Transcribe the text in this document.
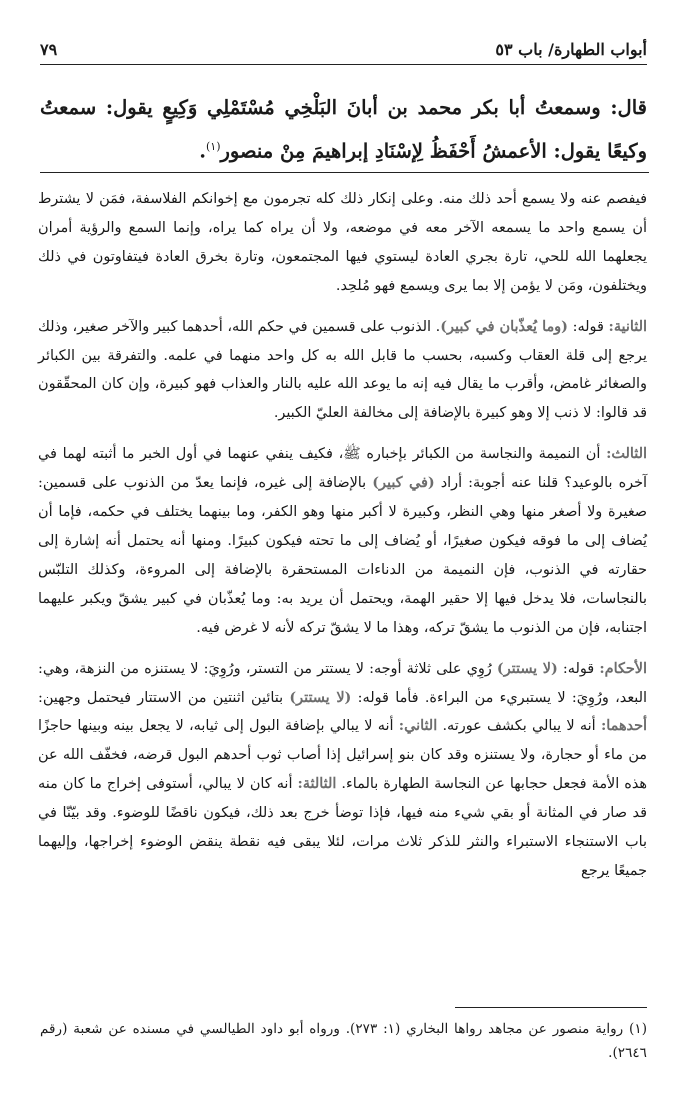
أبواب الطهارة/ باب ٥٣
٧٩
قال: وسمعتُ أبا بكر محمد بن أبانَ البَلْخِي مُسْتَمْلِي وَكِيعٍ يقول: سمعتُ وكيعًا يقول: الأعمشُ أَحْفَظُ لِإسْنَادِ إبراهيمَ مِنْ منصور$^{(١)}$.

فيفصم عنه ولا يسمع أحد ذلك منه. وعلى إنكار ذلك كله تجرمون مع إخوانكم الفلاسفة، فمَن لا يشترط أن يسمع واحد ما يسمعه الآخر معه في موضعه، ولا أن يراه كما يراه، وإنما السمع والرؤية أمران يجعلهما الله للحي، تارة بجري العادة ليستوي فيها المجتمعون، وتارة بخرق العادة فيتفاوتون في ذلك ويختلفون، ومَن لا يؤمن إلا بما يرى ويسمع فهو مُلحِد.

الثانية: قوله: (وما يُعذّبان في كبير). الذنوب على قسمين في حكم الله، أحدهما كبير والآخر صغير، وذلك يرجع إلى قلة العقاب وكسبه، بحسب ما قابل الله به كل واحد منهما في علمه. والتفرقة بين الكبائر والصغائر غامض، وأقرب ما يقال فيه إنه ما يوعد الله عليه بالنار والعذاب فهو كبيرة، وإن كان المحقّقون قد قالوا: لا ذنب إلا وهو كبيرة بالإضافة إلى مخالفة العليّ الكبير.

الثالث: أن النميمة والنجاسة من الكبائر بإخباره ﷺ، فكيف ينفي عنهما في أول الخبر ما أثبته لهما في آخره بالوعيد؟ قلنا عنه أجوبة: أراد (في كبير) بالإضافة إلى غيره، فإنما يعدّ من الذنوب على قسمين: صغيرة ولا أصغر منها وهي النظر، وكبيرة لا أكبر منها وهو الكفر، وما بينهما يختلف في حكمه، فإما أن يُضاف إلى ما فوقه فيكون صغيرًا، أو يُضاف إلى ما تحته فيكون كبيرًا. ومنها أنه يحتمل أنه إشارة إلى حقارته في الذنوب، فإن النميمة من الدناءات المستحقرة بالإضافة إلى المروءة، وكذلك التلبّس بالنجاسات، فلا يدخل فيها إلا حقير الهمة، ويحتمل أن يريد به: وما يُعذّبان في كبير يشقّ ويكبر عليهما اجتنابه، فإن من الذنوب ما يشقّ تركه، وهذا ما لا يشقّ تركه لأنه لا غرض فيه.

الأحكام: قوله: (لا يستتر) رُوِي على ثلاثة أوجه: لا يستتر من التستر، ورُوِيَ: لا يستنزه من النزهة، وهي: البعد، ورُوِيَ: لا يستبريء من البراءة. فأما قوله: (لا يستتر) بتائين اثنتين من الاستتار فيحتمل وجهين: أحدهما: أنه لا يبالي بكشف عورته. الثاني: أنه لا يبالي بإضافة البول إلى ثيابه، لا يجعل بينه وبينها حاجزًا من ماء أو حجارة، ولا يستنزه وقد كان بنو إسرائيل إذا أصاب ثوب أحدهم البول قرضه، فخفّف الله عن هذه الأمة فجعل حجابها عن النجاسة الطهارة بالماء. الثالثة: أنه كان لا يبالي، أستوفى إخراج ما كان منه قد صار في المثانة أو بقي شيء منه فيها، فإذا توضأ خرج بعد ذلك، فيكون ناقضًا للوضوء. وقد بيّنّا في باب الاستنجاء الاستبراء والنثر للذكر ثلاث مرات، لئلا يبقى فيه نقطة ينقض الوضوء إخراجها، وإليهما جميعًا يرجع

(١) رواية منصور عن مجاهد رواها البخاري (١: ٢٧٣). ورواه أبو داود الطيالسي في مسنده عن شعبة (رقم ٢٦٤٦).
